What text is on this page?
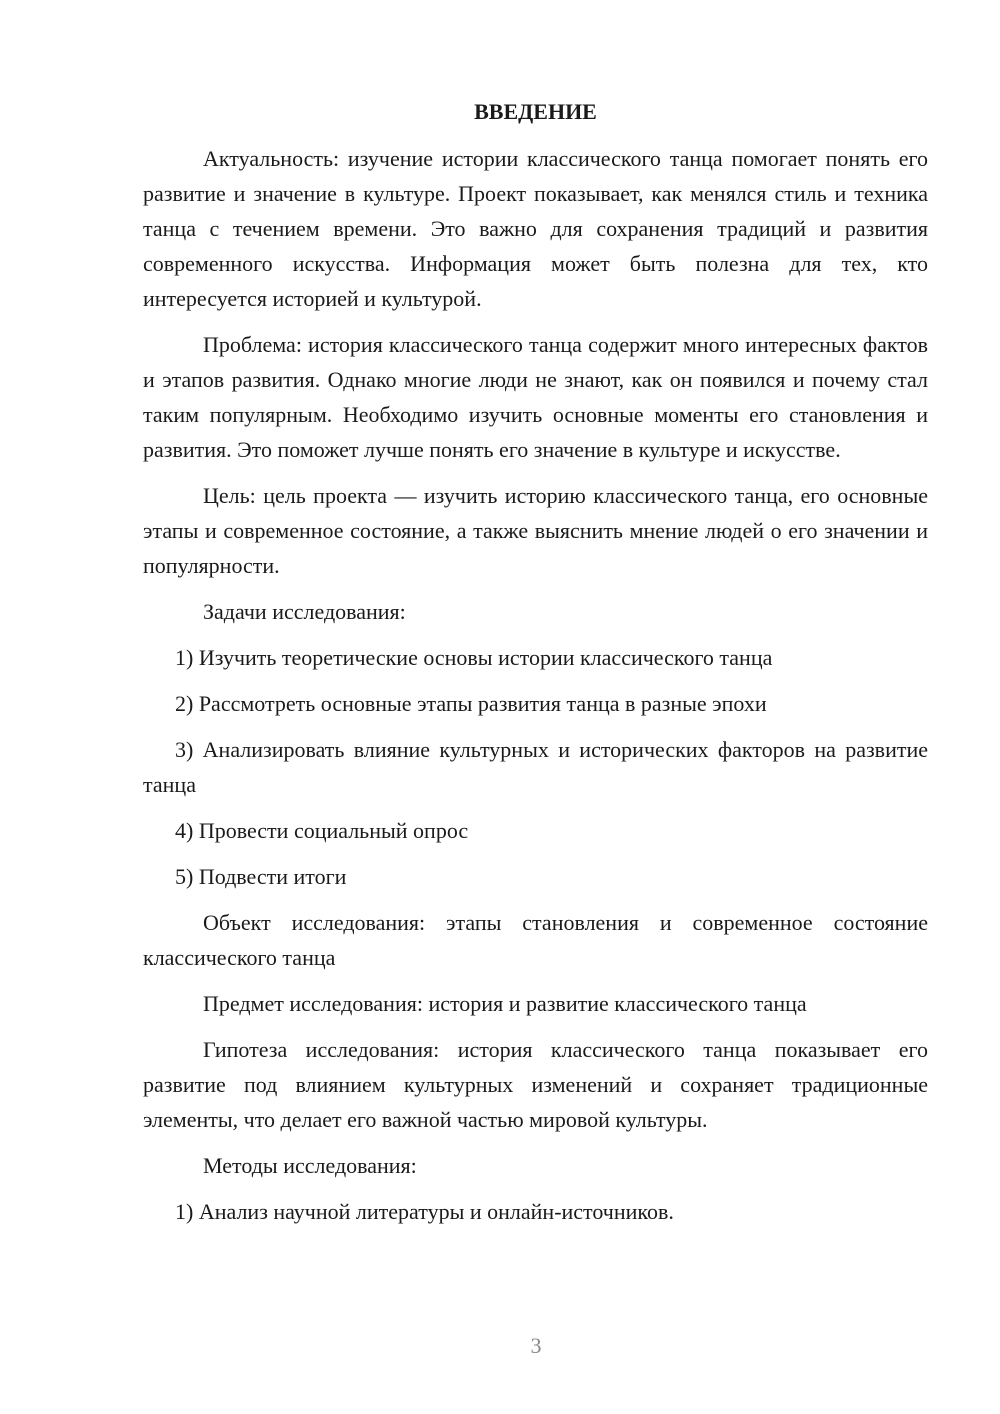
ВВЕДЕНИЕ

Актуальность: изучение истории классического танца помогает понять его развитие и значение в культуре. Проект показывает, как менялся стиль и техника танца с течением времени. Это важно для сохранения традиций и развития современного искусства. Информация может быть полезна для тех, кто интересуется историей и культурой.

Проблема: история классического танца содержит много интересных фактов и этапов развития. Однако многие люди не знают, как он появился и почему стал таким популярным. Необходимо изучить основные моменты его становления и развития. Это поможет лучше понять его значение в культуре и искусстве.

Цель: цель проекта — изучить историю классического танца, его основные этапы и современное состояние, а также выяснить мнение людей о его значении и популярности.

Задачи исследования:

1) Изучить теоретические основы истории классического танца

2) Рассмотреть основные этапы развития танца в разные эпохи

3) Анализировать влияние культурных и исторических факторов на развитие танца

4) Провести социальный опрос

5) Подвести итоги

Объект исследования: этапы становления и современное состояние классического танца

Предмет исследования: история и развитие классического танца

Гипотеза исследования: история классического танца показывает его развитие под влиянием культурных изменений и сохраняет традиционные элементы, что делает его важной частью мировой культуры.

Методы исследования:

1) Анализ научной литературы и онлайн-источников.

3
